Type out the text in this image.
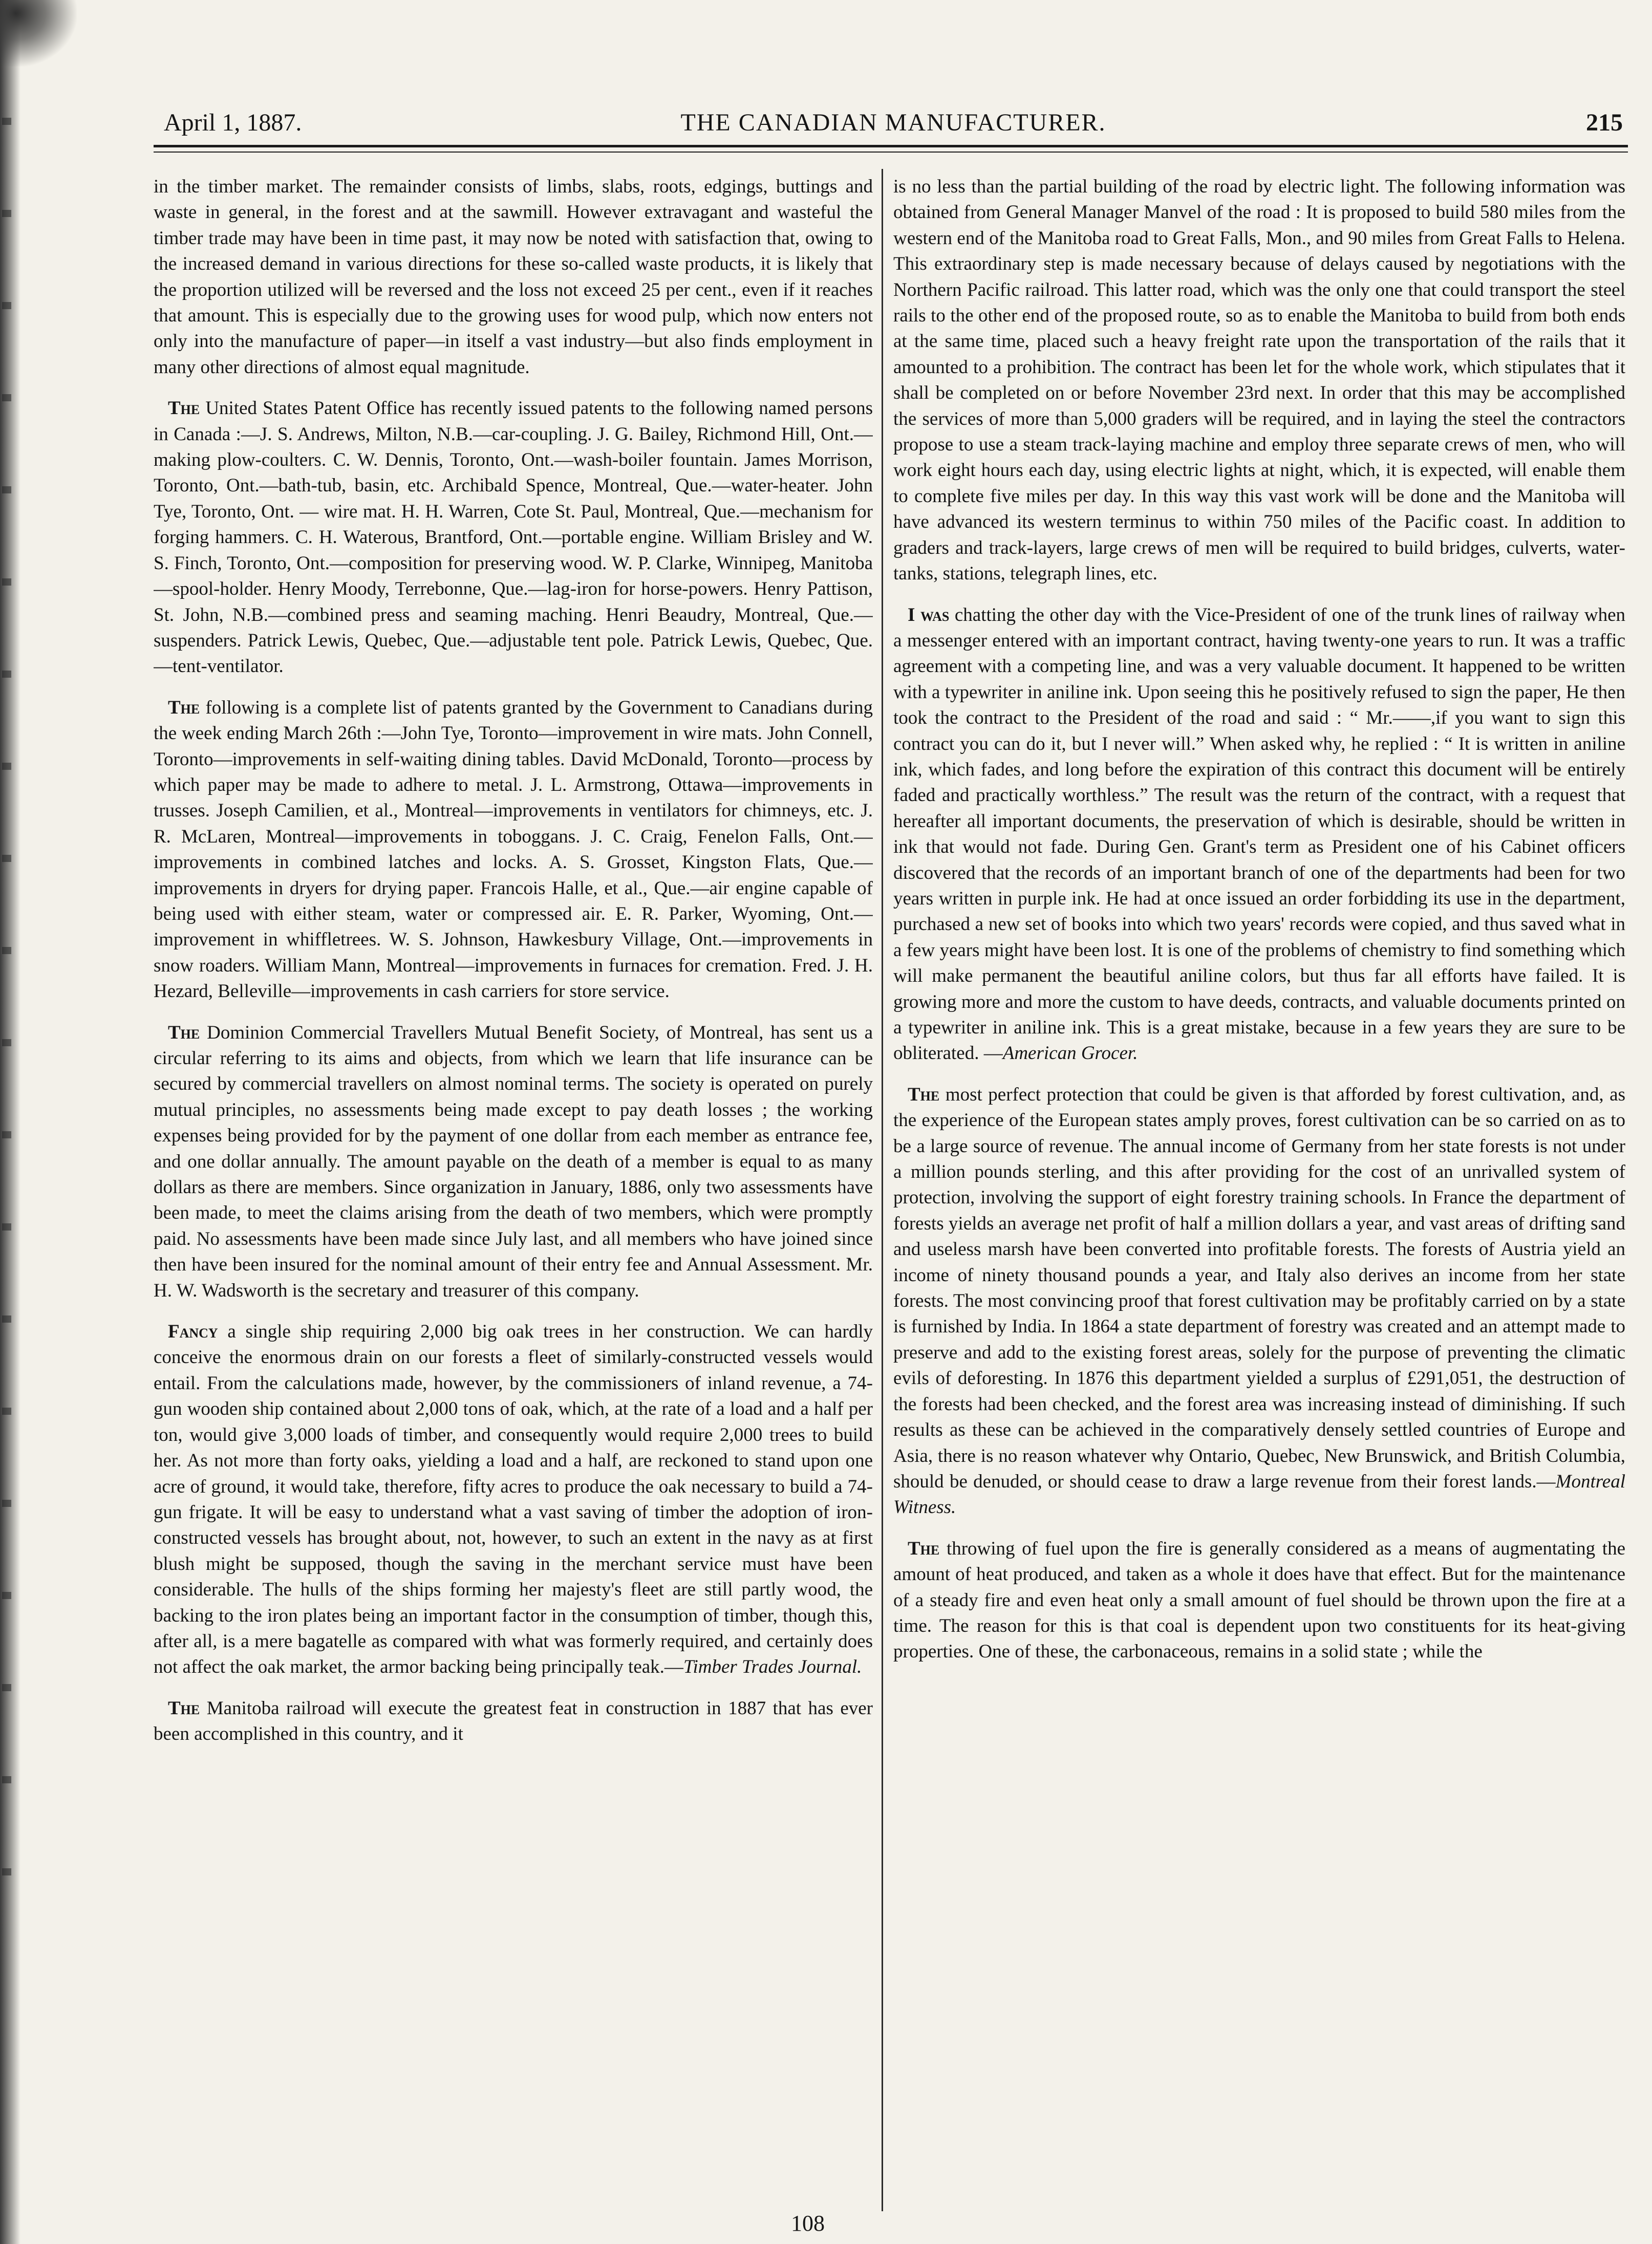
April 1, 1887.	THE CANADIAN MANUFACTURER.	215

in the timber market. The remainder consists of limbs, slabs, roots, edgings, buttings and waste in general, in the forest and at the sawmill. However extravagant and wasteful the timber trade may have been in time past, it may now be noted with satisfaction that, owing to the increased demand in various directions for these so-called waste products, it is likely that the proportion utilized will be reversed and the loss not exceed 25 per cent., even if it reaches that amount. This is especially due to the growing uses for wood pulp, which now enters not only into the manufacture of paper—in itself a vast industry—but also finds employment in many other directions of almost equal magnitude.

The United States Patent Office has recently issued patents to the following named persons in Canada :—J. S. Andrews, Milton, N.B.—car-coupling. J. G. Bailey, Richmond Hill, Ont.—making plow-coulters. C. W. Dennis, Toronto, Ont.—wash-boiler fountain. James Morrison, Toronto, Ont.—bath-tub, basin, etc. Archibald Spence, Montreal, Que.—water-heater. John Tye, Toronto, Ont. — wire mat. H. H. Warren, Cote St. Paul, Montreal, Que.—mechanism for forging hammers. C. H. Waterous, Brantford, Ont.—portable engine. William Brisley and W. S. Finch, Toronto, Ont.—composition for preserving wood. W. P. Clarke, Winnipeg, Manitoba—spool-holder. Henry Moody, Terrebonne, Que.—lag-iron for horse-powers. Henry Pattison, St. John, N.B.—combined press and seaming maching. Henri Beaudry, Montreal, Que.—suspenders. Patrick Lewis, Quebec, Que.—adjustable tent pole. Patrick Lewis, Quebec, Que.—tent-ventilator.

The following is a complete list of patents granted by the Government to Canadians during the week ending March 26th :—John Tye, Toronto—improvement in wire mats. John Connell, Toronto—improvements in self-waiting dining tables. David McDonald, Toronto—process by which paper may be made to adhere to metal. J. L. Armstrong, Ottawa—improvements in trusses. Joseph Camilien, et al., Montreal—improvements in ventilators for chimneys, etc. J. R. McLaren, Montreal—improvements in toboggans. J. C. Craig, Fenelon Falls, Ont.—improvements in combined latches and locks. A. S. Grosset, Kingston Flats, Que.—improvements in dryers for drying paper. Francois Halle, et al., Que.—air engine capable of being used with either steam, water or compressed air. E. R. Parker, Wyoming, Ont.—improvement in whiffletrees. W. S. Johnson, Hawkesbury Village, Ont.—improvements in snow roaders. William Mann, Montreal—improvements in furnaces for cremation. Fred. J. H. Hezard, Belleville—improvements in cash carriers for store service.

The Dominion Commercial Travellers Mutual Benefit Society, of Montreal, has sent us a circular referring to its aims and objects, from which we learn that life insurance can be secured by commercial travellers on almost nominal terms. The society is operated on purely mutual principles, no assessments being made except to pay death losses ; the working expenses being provided for by the payment of one dollar from each member as entrance fee, and one dollar annually. The amount payable on the death of a member is equal to as many dollars as there are members. Since organization in January, 1886, only two assessments have been made, to meet the claims arising from the death of two members, which were promptly paid. No assessments have been made since July last, and all members who have joined since then have been insured for the nominal amount of their entry fee and Annual Assessment. Mr. H. W. Wadsworth is the secretary and treasurer of this company.

Fancy a single ship requiring 2,000 big oak trees in her construction. We can hardly conceive the enormous drain on our forests a fleet of similarly-constructed vessels would entail. From the calculations made, however, by the commissioners of inland revenue, a 74-gun wooden ship contained about 2,000 tons of oak, which, at the rate of a load and a half per ton, would give 3,000 loads of timber, and consequently would require 2,000 trees to build her. As not more than forty oaks, yielding a load and a half, are reckoned to stand upon one acre of ground, it would take, therefore, fifty acres to produce the oak necessary to build a 74-gun frigate. It will be easy to understand what a vast saving of timber the adoption of iron-constructed vessels has brought about, not, however, to such an extent in the navy as at first blush might be supposed, though the saving in the merchant service must have been considerable. The hulls of the ships forming her majesty's fleet are still partly wood, the backing to the iron plates being an important factor in the consumption of timber, though this, after all, is a mere bagatelle as compared with what was formerly required, and certainly does not affect the oak market, the armor backing being principally teak.—Timber Trades Journal.

The Manitoba railroad will execute the greatest feat in construction in 1887 that has ever been accomplished in this country, and it

is no less than the partial building of the road by electric light. The following information was obtained from General Manager Manvel of the road : It is proposed to build 580 miles from the western end of the Manitoba road to Great Falls, Mon., and 90 miles from Great Falls to Helena. This extraordinary step is made necessary because of delays caused by negotiations with the Northern Pacific railroad. This latter road, which was the only one that could transport the steel rails to the other end of the proposed route, so as to enable the Manitoba to build from both ends at the same time, placed such a heavy freight rate upon the transportation of the rails that it amounted to a prohibition. The contract has been let for the whole work, which stipulates that it shall be completed on or before November 23rd next. In order that this may be accomplished the services of more than 5,000 graders will be required, and in laying the steel the contractors propose to use a steam track-laying machine and employ three separate crews of men, who will work eight hours each day, using electric lights at night, which, it is expected, will enable them to complete five miles per day. In this way this vast work will be done and the Manitoba will have advanced its western terminus to within 750 miles of the Pacific coast. In addition to graders and track-layers, large crews of men will be required to build bridges, culverts, water-tanks, stations, telegraph lines, etc.

I was chatting the other day with the Vice-President of one of the trunk lines of railway when a messenger entered with an important contract, having twenty-one years to run. It was a traffic agreement with a competing line, and was a very valuable document. It happened to be written with a typewriter in aniline ink. Upon seeing this he positively refused to sign the paper, He then took the contract to the President of the road and said : “ Mr.——,if you want to sign this contract you can do it, but I never will.” When asked why, he replied : “ It is written in aniline ink, which fades, and long before the expiration of this contract this document will be entirely faded and practically worthless.” The result was the return of the contract, with a request that hereafter all important documents, the preservation of which is desirable, should be written in ink that would not fade. During Gen. Grant's term as President one of his Cabinet officers discovered that the records of an important branch of one of the departments had been for two years written in purple ink. He had at once issued an order forbidding its use in the department, purchased a new set of books into which two years' records were copied, and thus saved what in a few years might have been lost. It is one of the problems of chemistry to find something which will make permanent the beautiful aniline colors, but thus far all efforts have failed. It is growing more and more the custom to have deeds, contracts, and valuable documents printed on a typewriter in aniline ink. This is a great mistake, because in a few years they are sure to be obliterated. —American Grocer.

The most perfect protection that could be given is that afforded by forest cultivation, and, as the experience of the European states amply proves, forest cultivation can be so carried on as to be a large source of revenue. The annual income of Germany from her state forests is not under a million pounds sterling, and this after providing for the cost of an unrivalled system of protection, involving the support of eight forestry training schools. In France the department of forests yields an average net profit of half a million dollars a year, and vast areas of drifting sand and useless marsh have been converted into profitable forests. The forests of Austria yield an income of ninety thousand pounds a year, and Italy also derives an income from her state forests. The most convincing proof that forest cultivation may be profitably carried on by a state is furnished by India. In 1864 a state department of forestry was created and an attempt made to preserve and add to the existing forest areas, solely for the purpose of preventing the climatic evils of deforesting. In 1876 this department yielded a surplus of £291,051, the destruction of the forests had been checked, and the forest area was increasing instead of diminishing. If such results as these can be achieved in the comparatively densely settled countries of Europe and Asia, there is no reason whatever why Ontario, Quebec, New Brunswick, and British Columbia, should be denuded, or should cease to draw a large revenue from their forest lands.—Montreal Witness.

The throwing of fuel upon the fire is generally considered as a means of augmentating the amount of heat produced, and taken as a whole it does have that effect. But for the maintenance of a steady fire and even heat only a small amount of fuel should be thrown upon the fire at a time. The reason for this is that coal is dependent upon two constituents for its heat-giving properties. One of these, the carbonaceous, remains in a solid state ; while the

108
